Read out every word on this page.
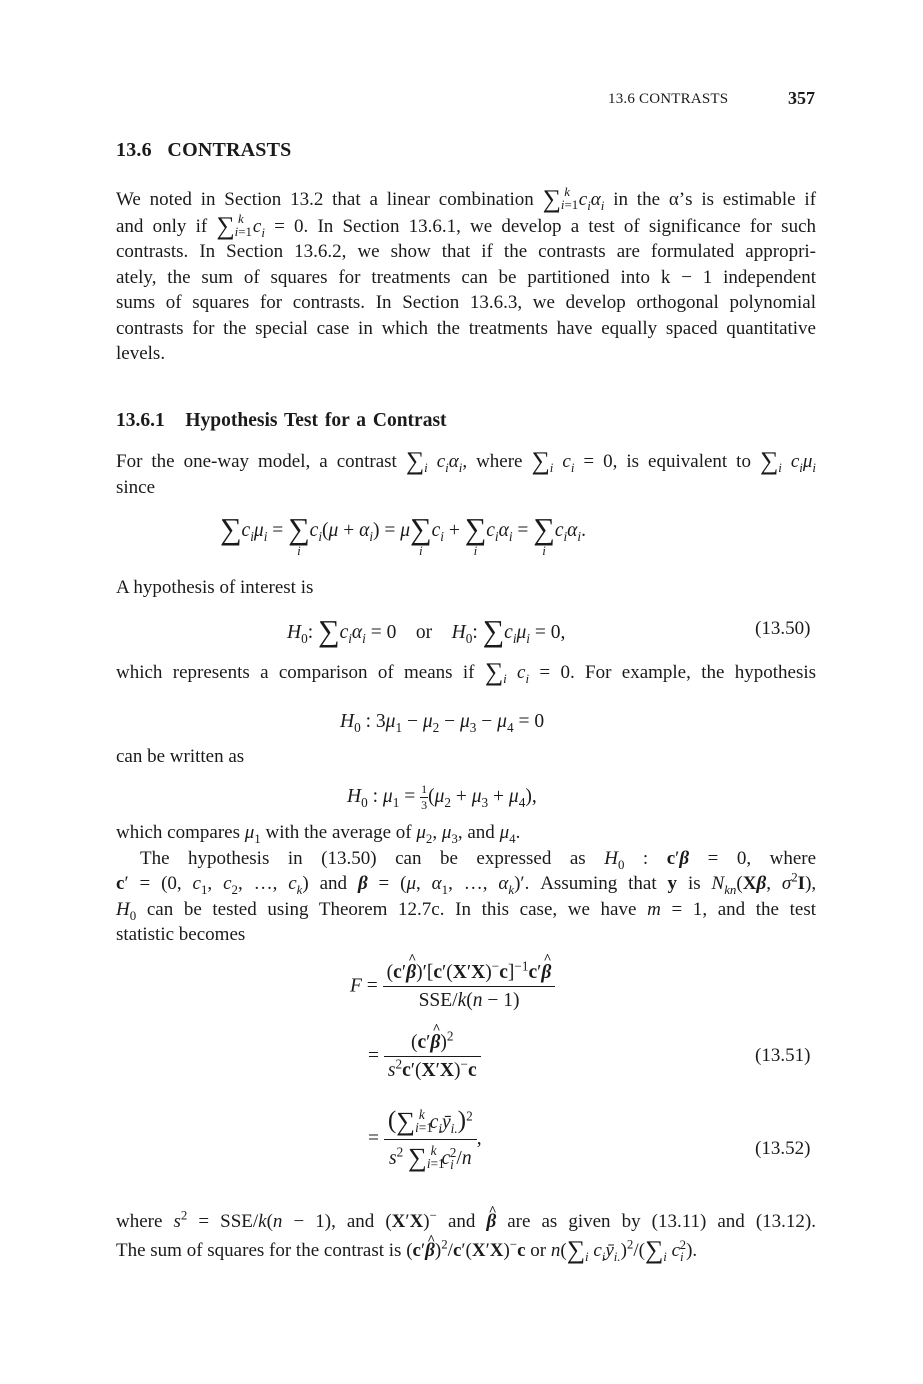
13.6 CONTRASTS	357
13.6 CONTRASTS
We noted in Section 13.2 that a linear combination $\sum_{i=1}^k$ $c_i\alpha_i$ in the α’s is estimable if
and only if $\sum_{i=1}^k$ $c_i = 0$. In Section 13.6.1, we develop a test of significance for such
contrasts. In Section 13.6.2, we show that if the contrasts are formulated appropri-
ately, the sum of squares for treatments can be partitioned into k − 1 independent
sums of squares for contrasts. In Section 13.6.3, we develop orthogonal polynomial
contrasts for the special case in which the treatments have equally spaced quantitative
levels.
13.6.1 Hypothesis Test for a Contrast
For the one-way model, a contrast $\sum_i$ $c_i\alpha_i$, where $\sum_i$ $c_i = 0$, is equivalent to $\sum_i$ $c_i\mu_i$
since
$\sum c_i\mu_i$ = ∑
i
$c_i(\mu + \alpha_i) = \mu\sum$
i
$c_i$ + ∑
i
$c_i\alpha_i$ = ∑
i
$c_i\alpha_i$.
A hypothesis of interest is
$H_0$: $\sum c_i\alpha_i = 0$    or $H_0$: $\sum c_i\mu_i = 0$,	(13.50)
which represents a comparison of means if $\sum_i$ $c_i = 0$. For example, the hypothesis
$H_0$ : $3\mu_1 - \mu_2 - \mu_3 - \mu_4 = 0$
can be written as
$H_0$ : $\mu_1 = \frac{1}{3} (\mu_2 + \mu_3 + \mu_4)$,
which compares $\mu_1$ with the average of $\mu_2$, $\mu_3$, and $\mu_4$.
The hypothesis in (13.50) can be expressed as $H_0$ : c′β = 0, where
c′ = (0, $c_1$, $c_2$, …, $c_k$) and β = (μ, $\alpha_1$, …, $\alpha_k)'$. Assuming that y is $N_{kn}(X\beta$, $\sigma^2I$),
$H_0$ can be tested using Theorem 12.7c. In this case, we have m = 1, and the test
statistic becomes
$F = \frac{(c'\^{} \beta)'[c'(X'X)^-c]^{-1}c'\^{} \beta}{\text{SSE/k(n − 1)}}$
= $\frac{(c'\^{} \beta)^2}{s^2c'(X'X)^-c}$	(13.51)
= $\frac{(\sum_{i=1}^k c_iȳ_{i.})^2}{s^2 \sum_{i=1}^k c_i^2/n}$ ,	(13.52)
where $s^2 = SSE/k(n - 1)$, and (X′X)− and ^ β are as given by (13.11) and (13.12).
The sum of squares for the contrast is (c′^ β)$^2$/c′(X′X)−c or $n(\sum_i$ $c_iȳ_{i.})^2/(\sum_i$ $c_i^2$).
